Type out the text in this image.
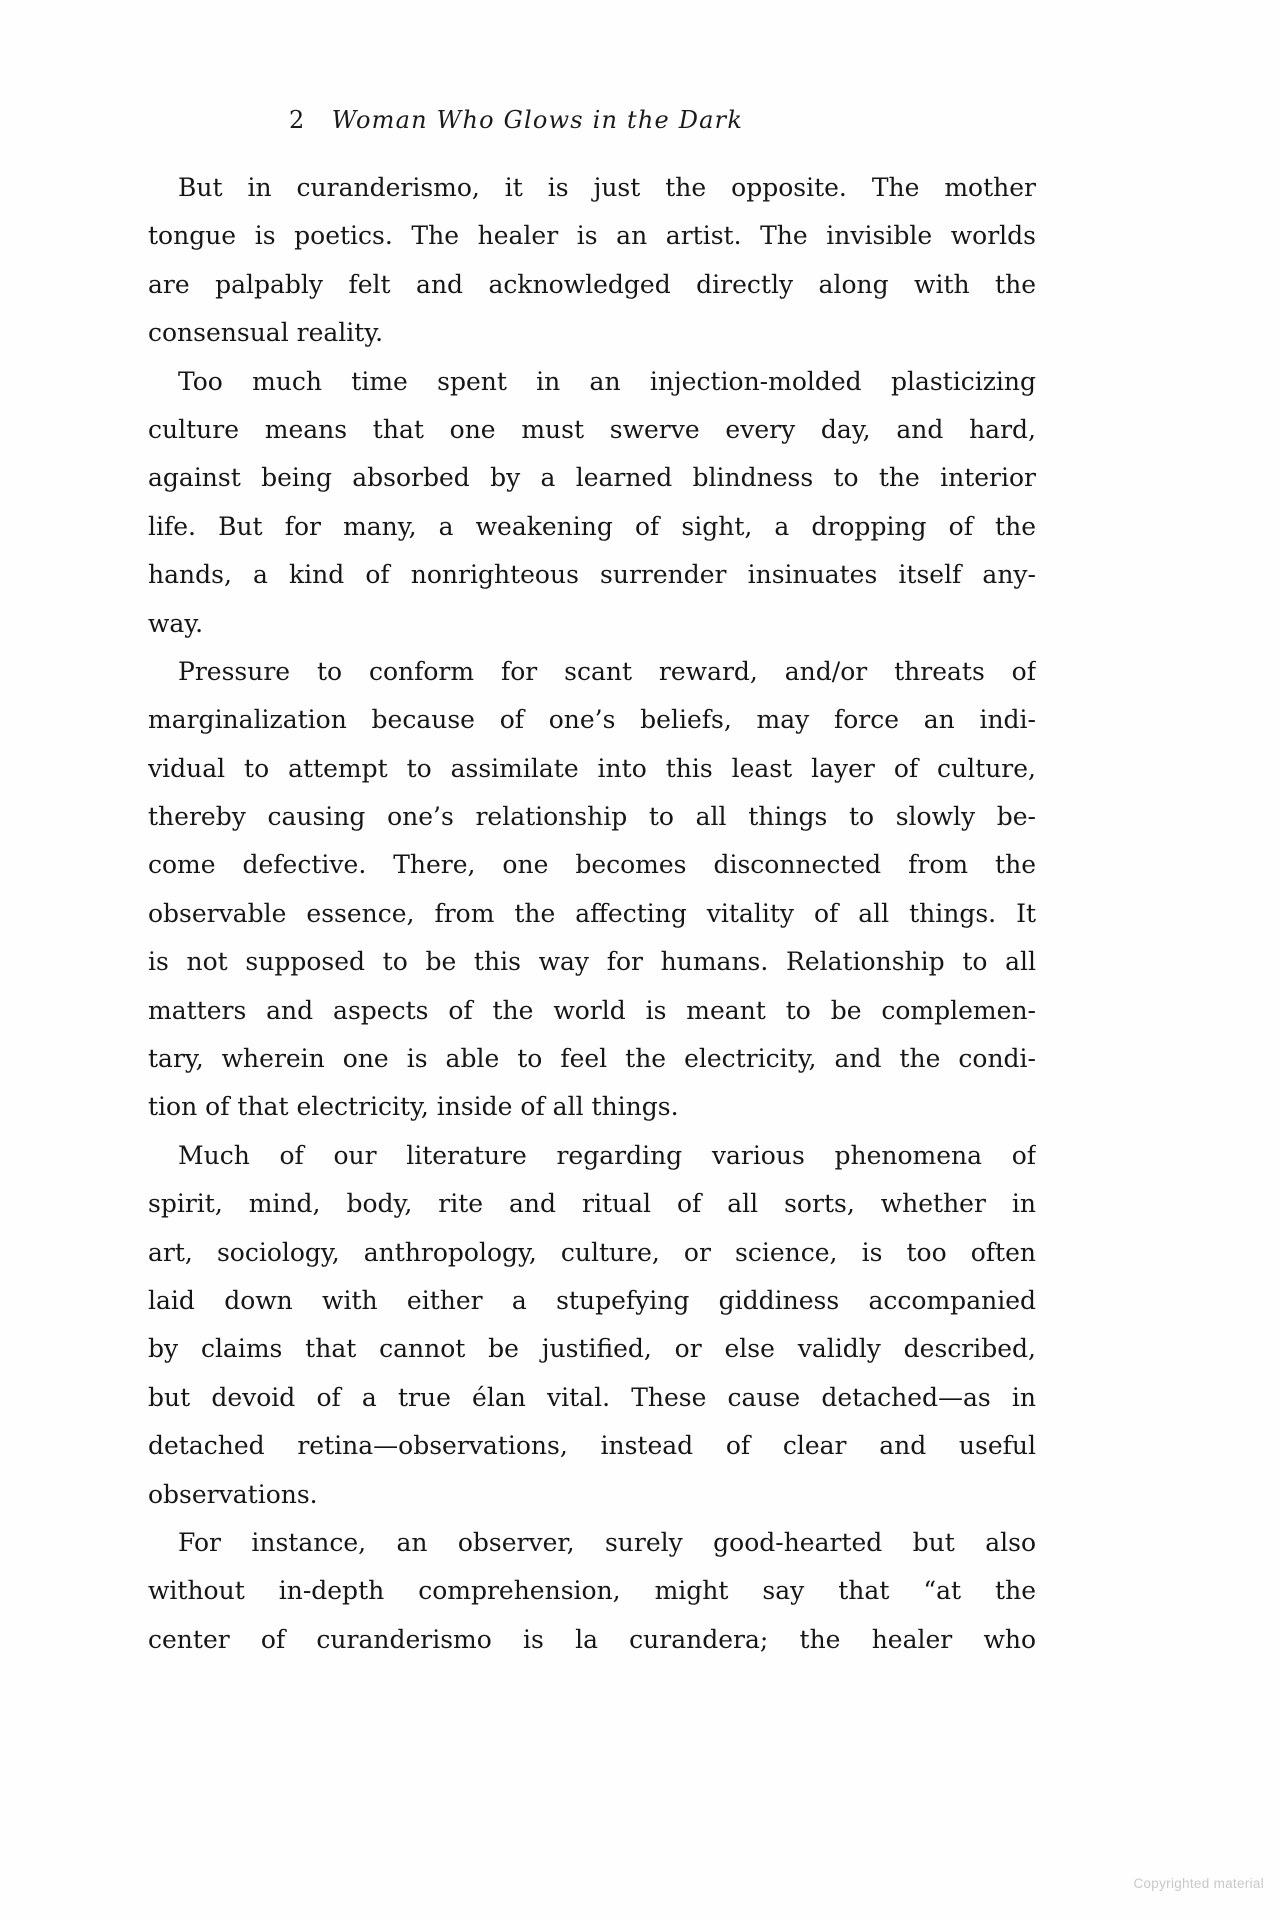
2 Woman Who Glows in the Dark
But in curanderismo, it is just the opposite. The mother
tongue is poetics. The healer is an artist. The invisible worlds
are palpably felt and acknowledged directly along with the
consensual reality.
Too much time spent in an injection-molded plasticizing
culture means that one must swerve every day, and hard,
against being absorbed by a learned blindness to the interior
life. But for many, a weakening of sight, a dropping of the
hands, a kind of nonrighteous surrender insinuates itself any-
way.
Pressure to conform for scant reward, and/or threats of
marginalization because of one’s beliefs, may force an indi-
vidual to attempt to assimilate into this least layer of culture,
thereby causing one’s relationship to all things to slowly be-
come defective. There, one becomes disconnected from the
observable essence, from the affecting vitality of all things. It
is not supposed to be this way for humans. Relationship to all
matters and aspects of the world is meant to be complemen-
tary, wherein one is able to feel the electricity, and the condi-
tion of that electricity, inside of all things.
Much of our literature regarding various phenomena of
spirit, mind, body, rite and ritual of all sorts, whether in
art, sociology, anthropology, culture, or science, is too often
laid down with either a stupefying giddiness accompanied
by claims that cannot be justified, or else validly described,
but devoid of a true élan vital. These cause detached—as in
detached retina—observations, instead of clear and useful
observations.
For instance, an observer, surely good-hearted but also
without in-depth comprehension, might say that “at the
center of curanderismo is la curandera; the healer who
Copyrighted material
